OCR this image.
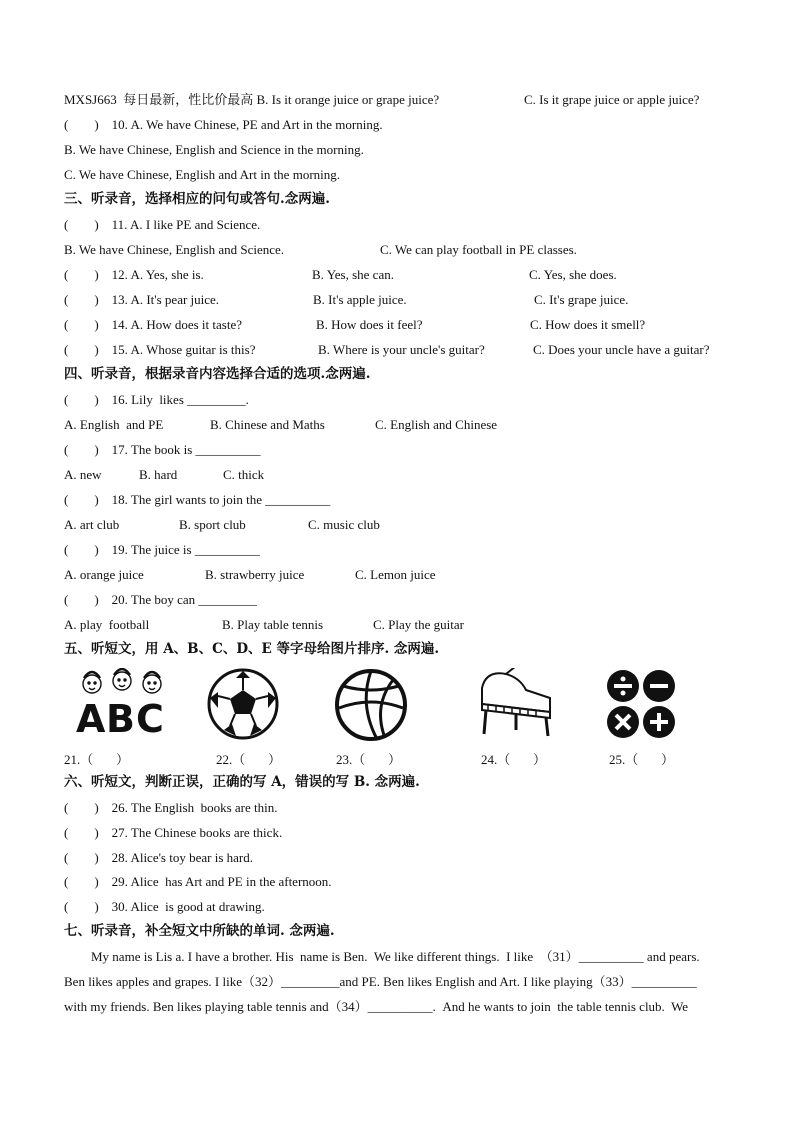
MXSJ663  每日最新，性比价最高 B. Is it orange juice or grape juice?	C. Is it grape juice or apple juice?
(        )    10. A. We have Chinese, PE and Art in the morning.
B. We have Chinese, English and Science in the morning.
C. We have Chinese, English and Art in the morning.
三、听录音，选择相应的问句或答句.念两遍.
(        )    11. A. I like PE and Science.
B. We have Chinese, English and Science.	C. We can play football in PE classes.
(        )    12. A. Yes, she is.	B. Yes, she can.	C. Yes, she does.
(        )    13. A. It's pear juice.	B. It's apple juice.	C. It's grape juice.
(        )    14. A. How does it taste?	B. How does it feel?	C. How does it smell?
(        )    15. A. Whose guitar is this?	B. Where is your uncle's guitar?	C. Does your uncle have a guitar?
四、听录音，根据录音内容选择合适的选项.念两遍.
(        )    16. Lily  likes _________.
A. English  and PE	B. Chinese and Maths	C. English and Chinese
(        )    17. The book is __________
A. new	B. hard	C. thick
(        )    18. The girl wants to join the __________
A. art club	B. sport club	C. music club
(        )    19. The juice is __________
A. orange juice	B. strawberry juice	C. Lemon juice
(        )    20. The boy can _________
A. play  football	B. Play table tennis	C. Play the guitar
五、听短文，用 A、B、C、D、E 等字母给图片排序. 念两遍.
A B C
21.（       ）	22.（       ）	23.（       ）	24.（       ）	25.（       ）
六、听短文，判断正误，正确的写 A，错误的写 B. 念两遍.
(        )    26. The English  books are thin.
(        )    27. The Chinese books are thick.
(        )    28. Alice's toy bear is hard.
(        )    29. Alice  has Art and PE in the afternoon.
(        )    30. Alice  is good at drawing.
七、听录音，补全短文中所缺的单词. 念两遍.
My name is Lis a. I have a brother. His  name is Ben.  We like different things.  I like  （31）__________ and pears.
Ben likes apples and grapes. I like（32）_________and PE. Ben likes English and Art. I like playing（33）__________
with my friends. Ben likes playing table tennis and（34）__________.  And he wants to join  the table tennis club.  We
